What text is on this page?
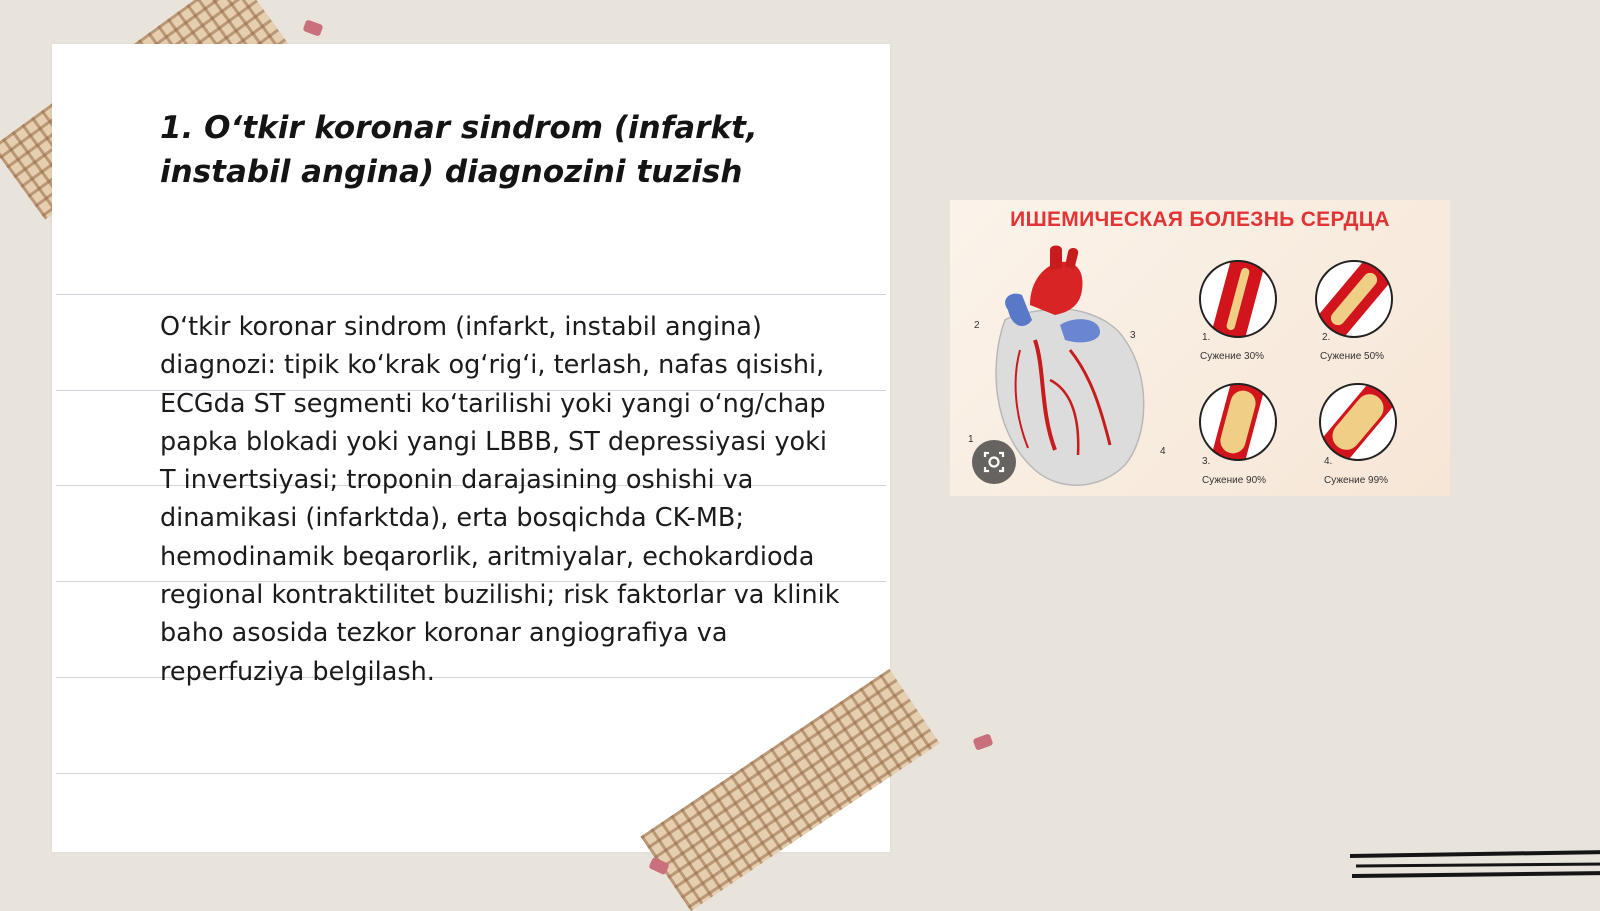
1. O‘tkir koronar sindrom (infarkt, instabil angina) diagnozini tuzish

O‘tkir koronar sindrom (infarkt, instabil angina) diagnozi: tipik ko‘krak og‘rig‘i, terlash, nafas qisishi, ECGda ST segmenti ko‘tarilishi yoki yangi o‘ng/chap papka blokadi yoki yangi LBBB, ST depressiyasi yoki T invertsiyasi; troponin darajasining oshishi va dinamikasi (infarktda), erta bosqichda CK-MB; hemodinamik beqarorlik, aritmiyalar, echokardioda regional kontraktilitet buzilishi; risk faktorlar va klinik baho asosida tezkor koronar angiografiya va reperfuziya belgilash.

ИШЕМИЧЕСКАЯ БОЛЕЗНЬ СЕРДЦА
2
3
1
4
1.
Сужение 30%
2.
Сужение 50%
3.
Сужение 90%
4.
Сужение 99%
